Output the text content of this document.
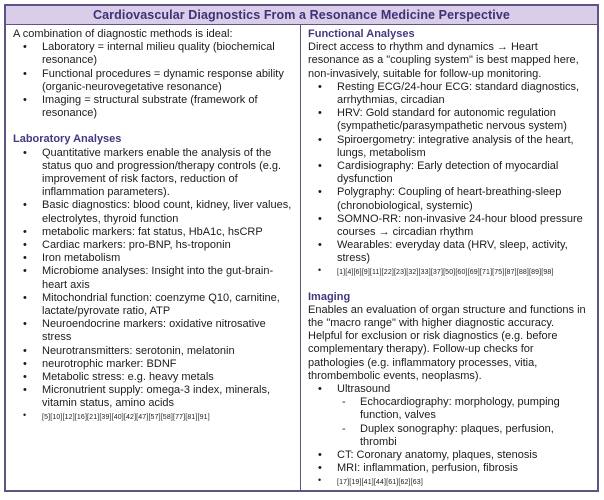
Cardiovascular Diagnostics From a Resonance Medicine Perspective

A combination of diagnostic methods is ideal:

• Laboratory = internal milieu quality (biochemical resonance)
• Functional procedures = dynamic response ability (organic-neurovegetative resonance)
• Imaging = structural substrate (framework of resonance)
Laboratory Analyses
• Quantitative markers enable the analysis of the status quo and progression/therapy controls (e.g. improvement of risk factors, reduction of inflammation parameters).
• Basic diagnostics: blood count, kidney, liver values, electrolytes, thyroid function
• metabolic markers: fat status, HbA1c, hsCRP
• Cardiac markers: pro-BNP, hs-troponin
• Iron metabolism
• Microbiome analyses: Insight into the gut-brain-heart axis
• Mitochondrial function: coenzyme Q10, carnitine, lactate/pyrovate ratio, ATP
• Neuroendocrine markers: oxidative nitrosative stress
• Neurotransmitters: serotonin, melatonin
• neurotrophic marker: BDNF
• Metabolic stress: e.g. heavy metals
• Micronutrient supply: omega-3 index, minerals, vitamin status, amino acids
• [5][10][12][16][21][39][40][42][47][57][58][77][81][91]
Functional Analyses

Direct access to rhythm and dynamics → Heart resonance as a "coupling system" is best mapped here, non-invasively, suitable for follow-up monitoring.

• Resting ECG/24-hour ECG: standard diagnostics, arrhythmias, circadian
• HRV: Gold standard for autonomic regulation (sympathetic/parasympathetic nervous system)
• Spiroergometry: integrative analysis of the heart, lungs, metabolism
• Cardisiography: Early detection of myocardial dysfunction
• Polygraphy: Coupling of heart-breathing-sleep (chronobiological, systemic)
• SOMNO-RR: non-invasive 24-hour blood pressure courses → circadian rhythm
• Wearables: everyday data (HRV, sleep, activity, stress)
• [1][4][6][9][11][22][23][32][33][37][50][60][69][71][75][87][88][89][98]
Imaging

Enables an evaluation of organ structure and functions in the "macro range" with higher diagnostic accuracy. Helpful for exclusion or risk diagnostics (e.g. before complementary therapy). Follow-up checks for pathologies (e.g. inflammatory processes, vitia, thrombembolic events, neoplasms).

• Ultrasound
- Echocardiography: morphology, pumping function, valves
- Duplex sonography: plaques, perfusion, thrombi
• CT: Coronary anatomy, plaques, stenosis
• MRI: inflammation, perfusion, fibrosis
• [17][19][41][44][61][62][63]
